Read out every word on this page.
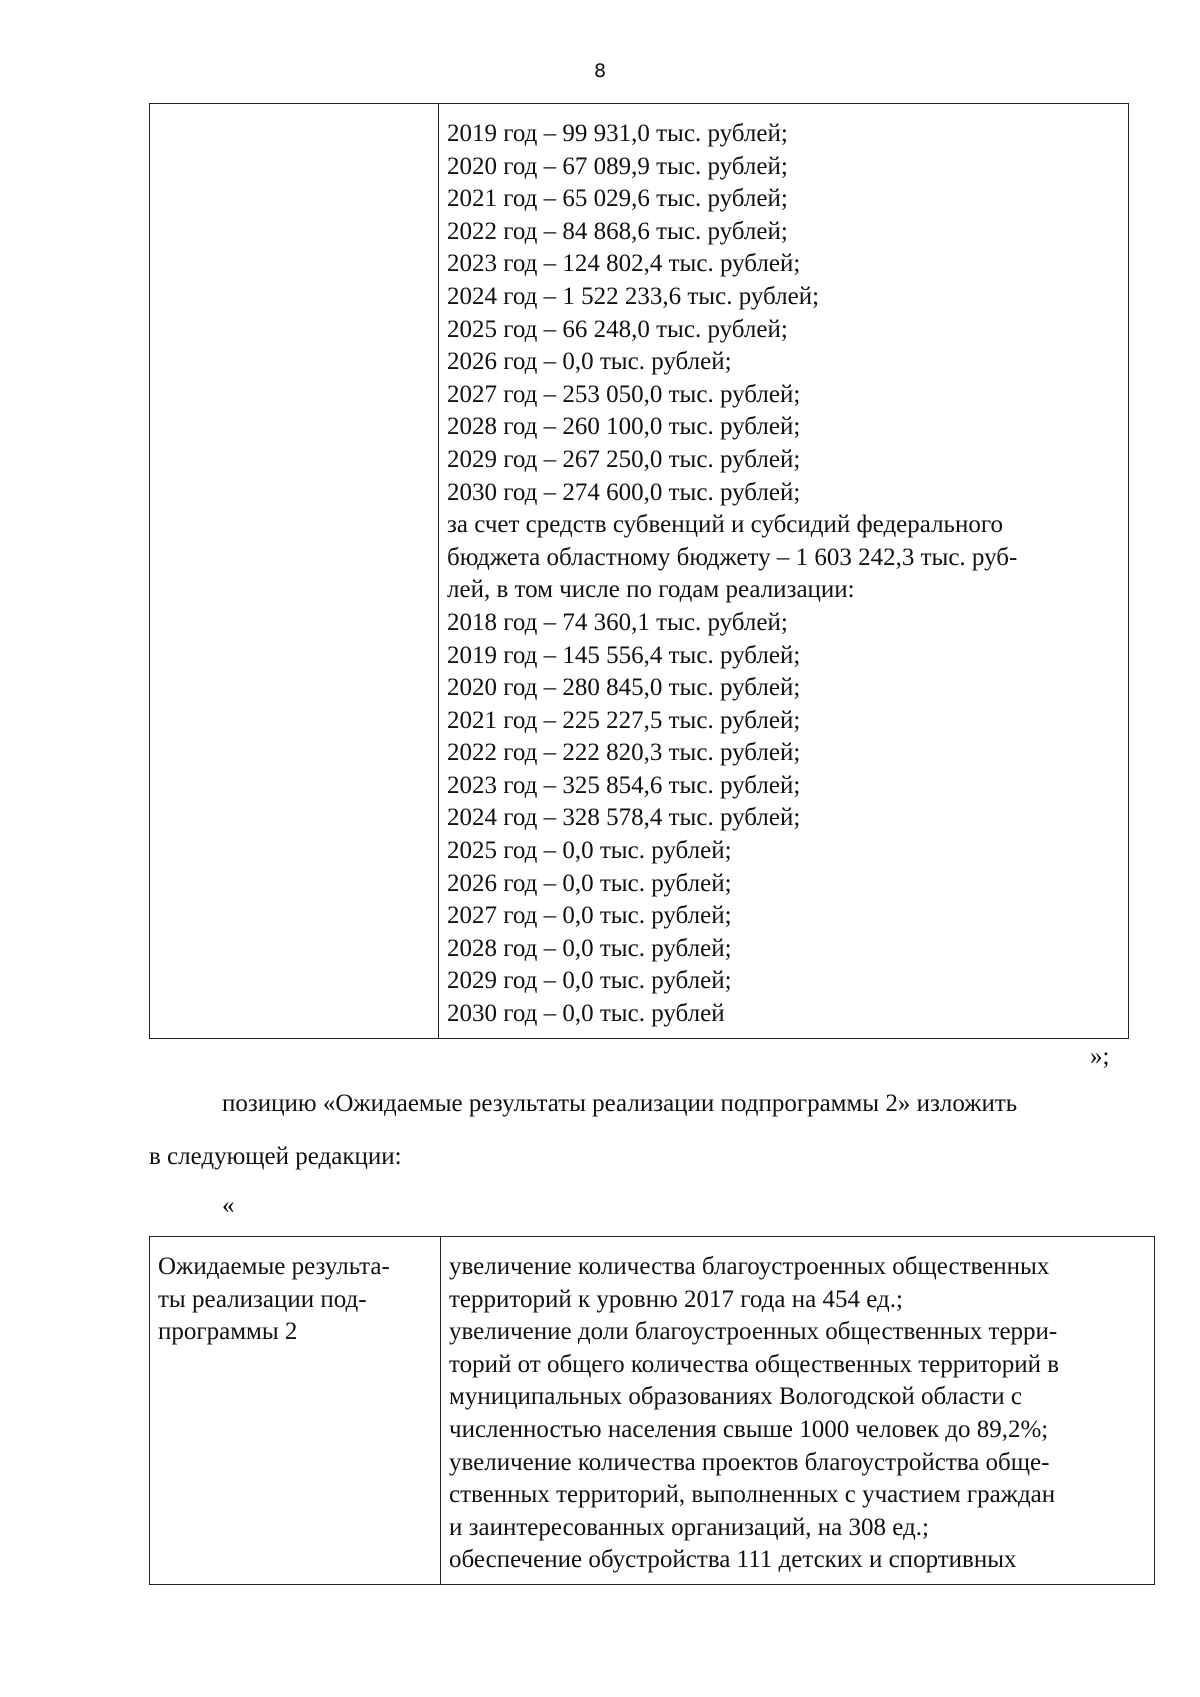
8
2019 год – 99 931,0 тыс. рублей;
2020 год – 67 089,9 тыс. рублей;
2021 год – 65 029,6 тыс. рублей;
2022 год – 84 868,6 тыс. рублей;
2023 год – 124 802,4 тыс. рублей;
2024 год – 1 522 233,6 тыс. рублей;
2025 год – 66 248,0 тыс. рублей;
2026 год – 0,0 тыс. рублей;
2027 год – 253 050,0 тыс. рублей;
2028 год – 260 100,0 тыс. рублей;
2029 год – 267 250,0 тыс. рублей;
2030 год – 274 600,0 тыс. рублей;
за счет средств субвенций и субсидий федерального
бюджета областному бюджету – 1 603 242,3 тыс. руб-
лей, в том числе по годам реализации:
2018 год – 74 360,1 тыс. рублей;
2019 год – 145 556,4 тыс. рублей;
2020 год – 280 845,0 тыс. рублей;
2021 год – 225 227,5 тыс. рублей;
2022 год – 222 820,3 тыс. рублей;
2023 год – 325 854,6 тыс. рублей;
2024 год – 328 578,4 тыс. рублей;
2025 год – 0,0 тыс. рублей;
2026 год – 0,0 тыс. рублей;
2027 год – 0,0 тыс. рублей;
2028 год – 0,0 тыс. рублей;
2029 год – 0,0 тыс. рублей;
2030 год – 0,0 тыс. рублей
»;
позицию «Ожидаемые результаты реализации подпрограммы 2» изложить
в следующей редакции:
«
Ожидаемые результа-
ты реализации под-
программы 2
увеличение количества благоустроенных общественных
территорий к уровню 2017 года на 454 ед.;
увеличение доли благоустроенных общественных терри-
торий от общего количества общественных территорий в
муниципальных образованиях Вологодской области с
численностью населения свыше 1000 человек до 89,2%;
увеличение количества проектов благоустройства обще-
ственных территорий, выполненных с участием граждан
и заинтересованных организаций, на 308 ед.;
обеспечение обустройства 111 детских и спортивных
